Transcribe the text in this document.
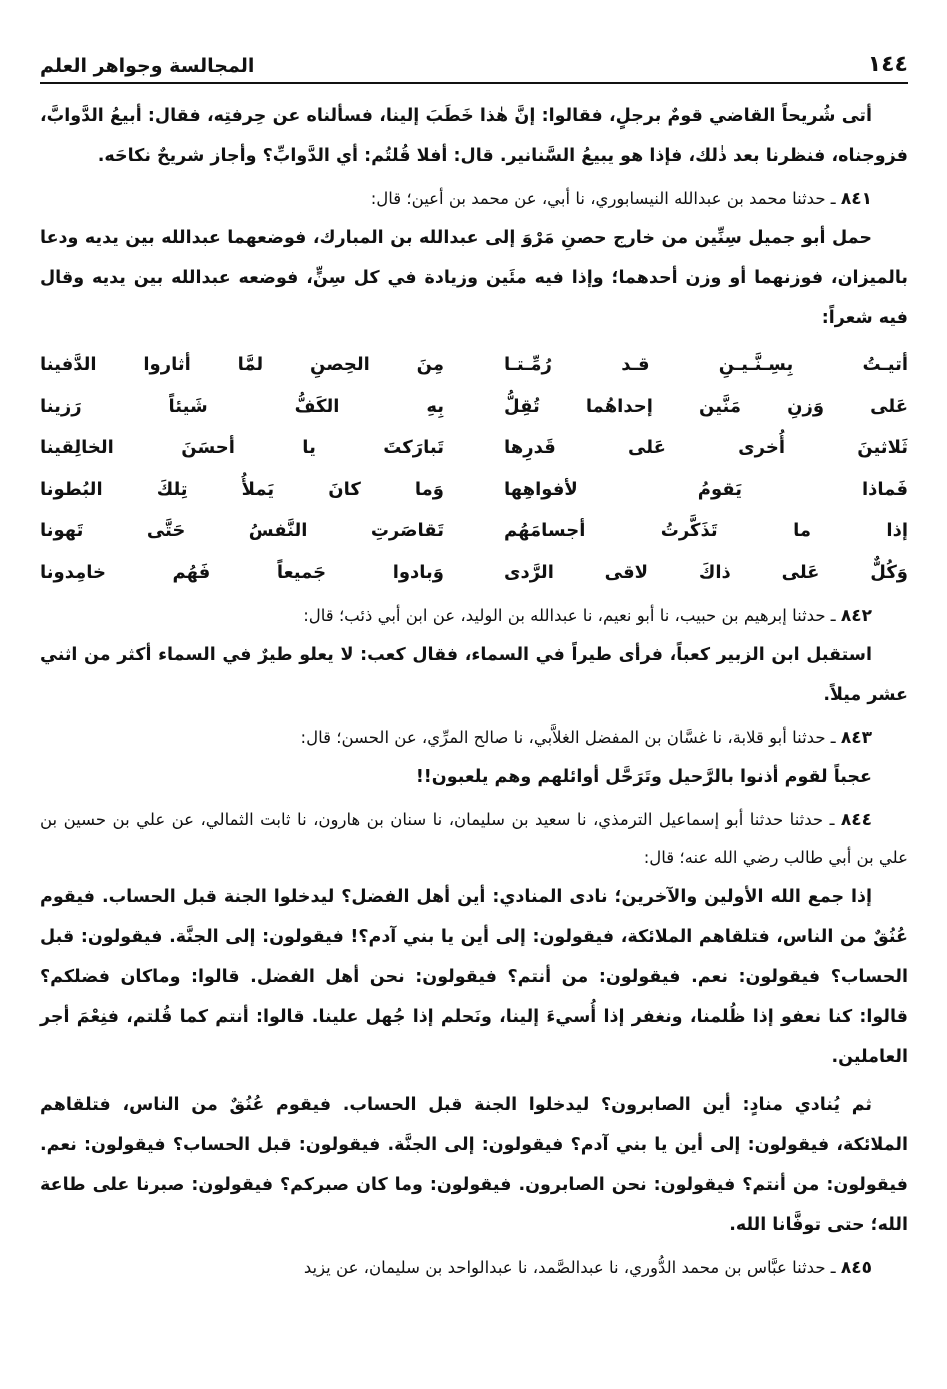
المجالسة وجواهر العلم	١٤٤

أتى شُريحاً القاضي قومٌ برجلٍ، فقالوا: إنَّ هٰذا خَطَبَ إلينا، فسألناه عن حِرفتِه، فقال: أبيعُ الدَّوابَّ، فزوجناه، فنظرنا بعد ذٰلك، فإذا هو يبيعُ السَّنانير. قال: أفلا قُلتُم: أي الدَّوابِّ؟ وأجاز شريحٌ نكاحَه.

٨٤١ ـ حدثنا محمد بن عبدالله النيسابوري، نا أبي، عن محمد بن أعين؛ قال:

حمل أبو جميل سِنِّين من خارج حصنِ مَرْوَ إلى عبدالله بن المبارك، فوضعهما عبدالله بين يديه ودعا بالميزان، فوزنهما أو وزن أحدهما؛ وإذا فيه مئَين وزيادة في كل سِنٍّ، فوضعه عبدالله بين يديه وقال فيه شعراً:

أتيـتُ بِسِـنَّـيـنِ قـد رُمِّـتـا
مِنَ الحِصنِ لمَّا أثاروا الدَّفينا
عَلى وَزنِ مَنَّين إحداهُما تُقِلُّ
بِهِ الكَفُّ شَيئاً رَزينا
ثَلاثينَ أُخرى عَلى قَدرِها
تَبارَكتَ يا أحسَنَ الخالِقينا
فَماذا يَقومُ لأفواهِها
وَما كانَ يَملأُ تِلكَ البُطونا
إذا ما تَذَكَّرتُ أجسامَهُم
تَقاصَرتِ النَّفسُ حَتَّى تَهونا
وَكُلٌّ عَلى ذاكَ لاقى الرَّدى
وَبادوا جَميعاً فَهُم خامِدونا

٨٤٢ ـ حدثنا إبرهيم بن حبيب، نا أبو نعيم، نا عبدالله بن الوليد، عن ابن أبي ذئب؛ قال:

استقبل ابن الزبير كعباً، فرأى طيراً في السماء، فقال كعب: لا يعلو طيرٌ في السماء أكثر من اثني عشر ميلاً.

٨٤٣ ـ حدثنا أبو قلابة، نا غسَّان بن المفضل الغلاَّبي، نا صالح المرِّي، عن الحسن؛ قال:

عجباً لقوم أذنوا بالرَّحيل وتَرَحَّل أوائلهم وهم يلعبون!!

٨٤٤ ـ حدثنا حدثنا أبو إسماعيل الترمذي، نا سعيد بن سليمان، نا سنان بن هارون، نا ثابت الثمالي، عن علي بن حسين بن علي بن أبي طالب رضي الله عنه؛ قال:

إذا جمع الله الأولين والآخرين؛ نادى المنادي: أين أهل الفضل؟ ليدخلوا الجنة قبل الحساب. فيقوم عُنُقٌ من الناس، فتلقاهم الملائكة، فيقولون: إلى أين يا بني آدم؟! فيقولون: إلى الجنَّة. فيقولون: قبل الحساب؟ فيقولون: نعم. فيقولون: من أنتم؟ فيقولون: نحن أهل الفضل. قالوا: وماكان فضلكم؟ قالوا: كنا نعفو إذا ظُلمنا، ونغفر إذا أُسيءَ إلينا، ونَحلم إذا جُهل علينا. قالوا: أنتم كما قُلتم، فنِعْمَ أجر العاملين.

ثم يُنادي منادٍ: أين الصابرون؟ ليدخلوا الجنة قبل الحساب. فيقوم عُنُقٌ من الناس، فتلقاهم الملائكة، فيقولون: إلى أين يا بني آدم؟ فيقولون: إلى الجنَّة. فيقولون: قبل الحساب؟ فيقولون: نعم. فيقولون: من أنتم؟ فيقولون: نحن الصابرون. فيقولون: وما كان صبركم؟ فيقولون: صبرنا على طاعة الله؛ حتى توفَّانا الله.

٨٤٥ ـ حدثنا عبَّاس بن محمد الدُّوري، نا عبدالصَّمد، نا عبدالواحد بن سليمان، عن يزيد
